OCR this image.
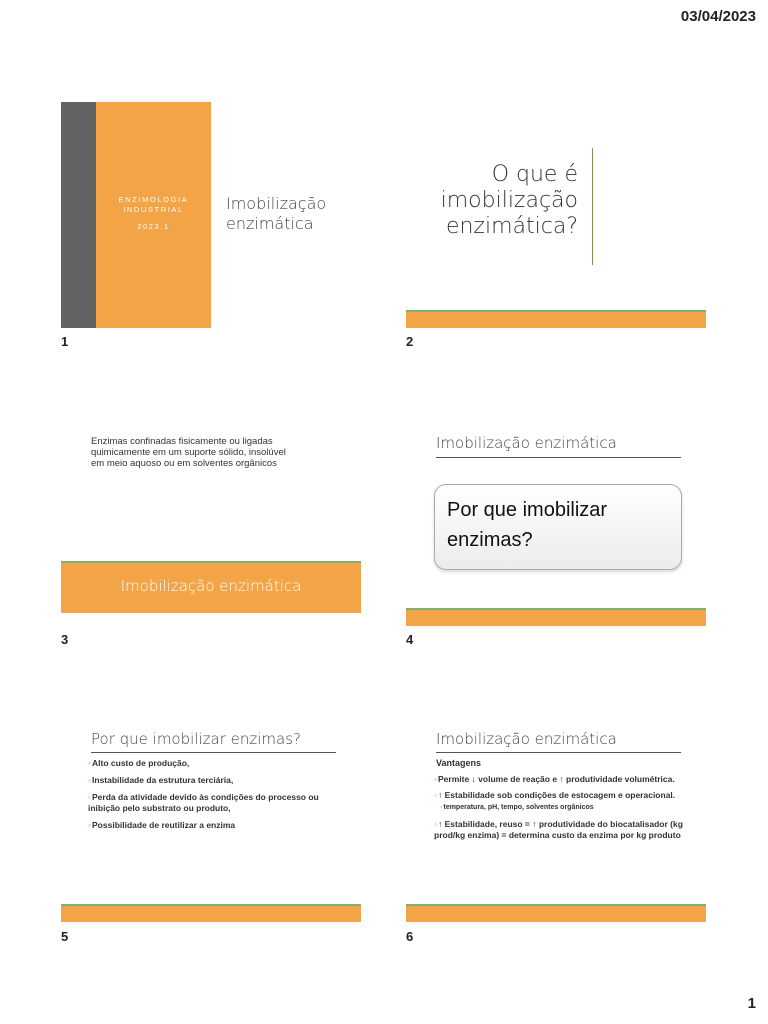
03/04/2023
ENZIMOLOGIA INDUSTRIAL
2023.1
Imobilização
enzimática
1
O que é
imobilização
enzimática?
2
Enzimas confinadas fisicamente ou ligadas
quimicamente em um suporte sólido, insolúvel
em meio aquoso ou em solventes orgânicos
Imobilização enzimática
3
Imobilização enzimática
Por que imobilizar
enzimas?
4
Por que imobilizar enzimas?
◦Alto custo de produção,
◦Instabilidade da estrutura terciária,
◦Perda da atividade devido às condições do processo ou inibição pelo substrato ou produto,
◦Possibilidade de reutilizar a enzima
5
Imobilização enzimática
Vantagens
◦Permite ↓ volume de reação e ↑ produtividade volumétrica.
◦↑ Estabilidade sob condições de estocagem e operacional.
◦temperatura, pH, tempo, solventes orgânicos
◦↑ Estabilidade, reuso = ↑ produtividade do biocatalisador (kg prod/kg enzima) = determina custo da enzima por kg produto
6
1
